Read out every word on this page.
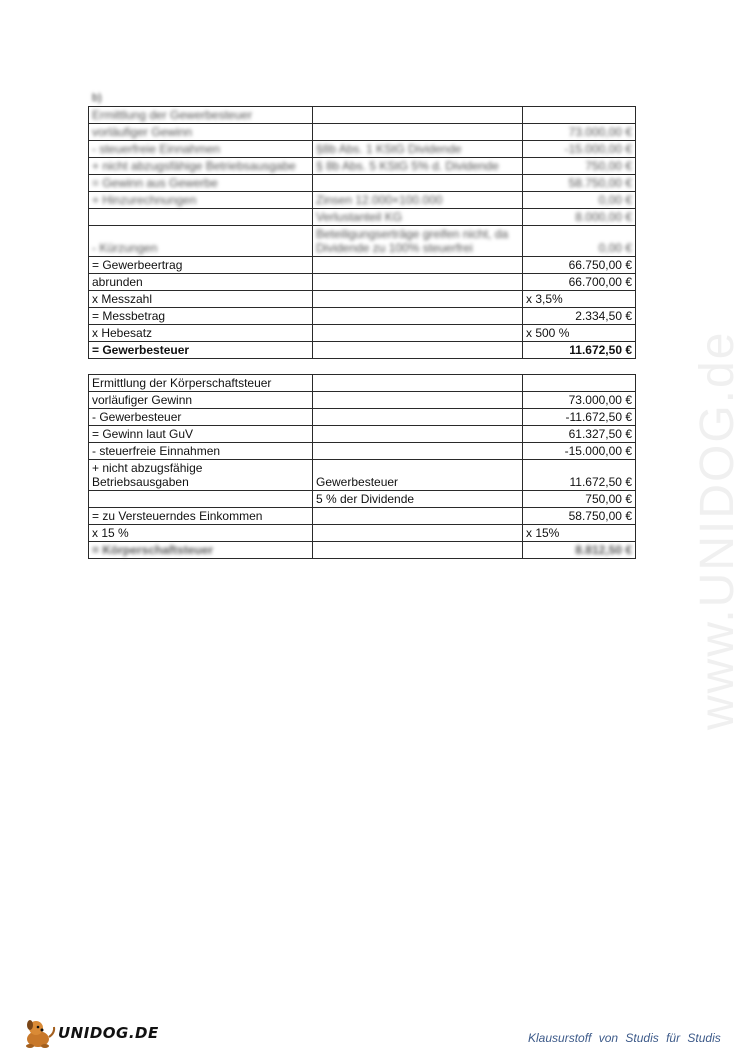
b)
Ermittlung der Gewerbesteuer		
vorläufiger Gewinn		73.000,00 €
- steuerfreie Einnahmen	§8b Abs. 1 KStG Dividende	-15.000,00 €
+ nicht abzugsfähige Betriebsausgabe	§ 8b Abs. 5 KStG 5% d. Dividende	750,00 €
= Gewinn aus Gewerbe		58.750,00 €
+ Hinzurechnungen	Zinsen 12.000×100.000	0,00 €
	Verlustanteil KG	8.000,00 €
- Kürzungen	Beteiligungserträge greifen nicht, da Dividende zu 100% steuerfrei	0,00 €
= Gewerbeertrag		66.750,00 €
abrunden		66.700,00 €
x Messzahl		x 3,5%
= Messbetrag		2.334,50 €
x Hebesatz		x 500 %
= Gewerbesteuer		11.672,50 €
Ermittlung der Körperschaftsteuer		
vorläufiger Gewinn		73.000,00 €
- Gewerbesteuer		-11.672,50 €
= Gewinn laut GuV		61.327,50 €
- steuerfreie Einnahmen		-15.000,00 €
+ nicht abzugsfähige
Betriebsausgaben	Gewerbesteuer	11.672,50 €
	5 % der Dividende	750,00 €
= zu Versteuerndes Einkommen		58.750,00 €
x 15 %		x 15%
= Körperschaftsteuer		8.812,50 € www.UNIDOG.de
UNIDOG.DE	Klausurstoff von Studis für Studis
